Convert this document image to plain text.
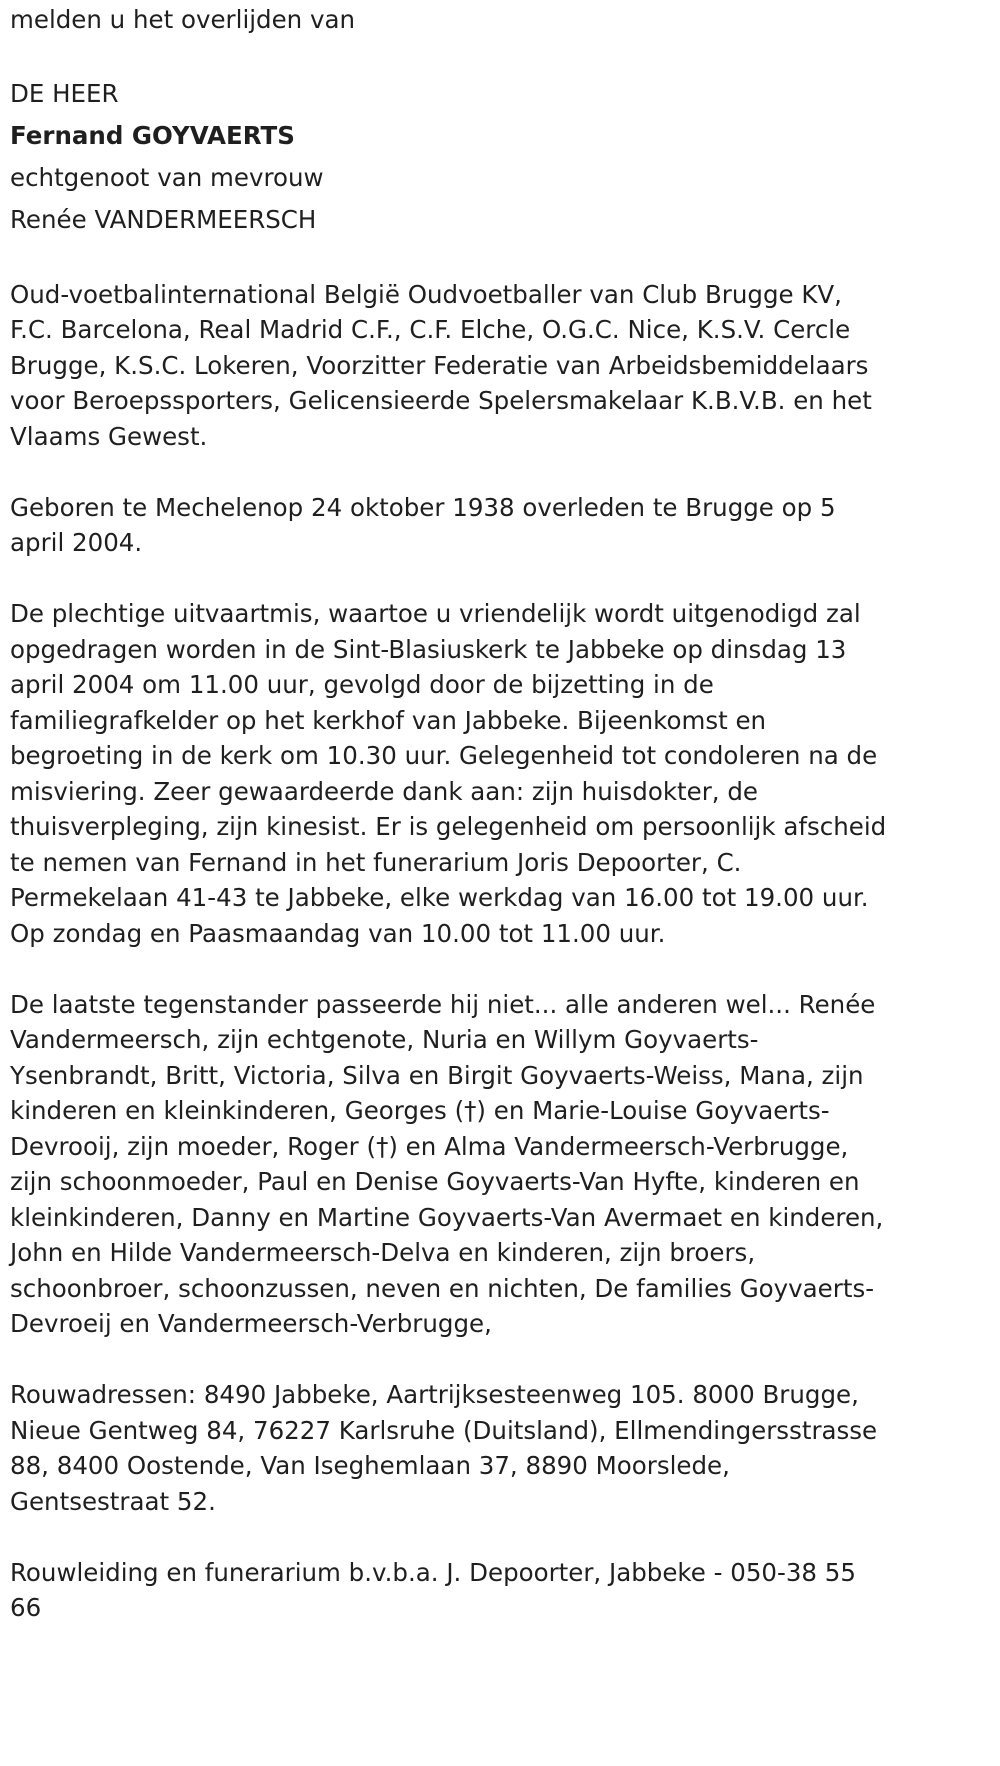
melden u het overlijden van

DE HEER

Fernand GOYVAERTS

echtgenoot van mevrouw

Renée VANDERMEERSCH

Oud-voetbalinternational België Oudvoetballer van Club Brugge KV, F.C. Barcelona, Real Madrid C.F., C.F. Elche, O.G.C. Nice, K.S.V. Cercle Brugge, K.S.C. Lokeren, Voorzitter Federatie van Arbeidsbemiddelaars voor Beroepssporters, Gelicensieerde Spelersmakelaar K.B.V.B. en het Vlaams Gewest.

Geboren te Mechelenop 24 oktober 1938 overleden te Brugge op 5 april 2004.

De plechtige uitvaartmis, waartoe u vriendelijk wordt uitgenodigd zal opgedragen worden in de Sint-Blasiuskerk te Jabbeke op dinsdag 13 april 2004 om 11.00 uur, gevolgd door de bijzetting in de familiegrafkelder op het kerkhof van Jabbeke. Bijeenkomst en begroeting in de kerk om 10.30 uur. Gelegenheid tot condoleren na de misviering. Zeer gewaardeerde dank aan: zijn huisdokter, de thuisverpleging, zijn kinesist. Er is gelegenheid om persoonlijk afscheid te nemen van Fernand in het funerarium Joris Depoorter, C. Permekelaan 41-43 te Jabbeke, elke werkdag van 16.00 tot 19.00 uur. Op zondag en Paasmaandag van 10.00 tot 11.00 uur.

De laatste tegenstander passeerde hij niet... alle anderen wel... Renée Vandermeersch, zijn echtgenote, Nuria en Willym Goyvaerts-Ysenbrandt, Britt, Victoria, Silva en Birgit Goyvaerts-Weiss, Mana, zijn kinderen en kleinkinderen, Georges (†) en Marie-Louise Goyvaerts-Devrooij, zijn moeder, Roger (†) en Alma Vandermeersch-Verbrugge, zijn schoonmoeder, Paul en Denise Goyvaerts-Van Hyfte, kinderen en kleinkinderen, Danny en Martine Goyvaerts-Van Avermaet en kinderen, John en Hilde Vandermeersch-Delva en kinderen, zijn broers, schoonbroer, schoonzussen, neven en nichten, De families Goyvaerts-Devroeij en Vandermeersch-Verbrugge,

Rouwadressen: 8490 Jabbeke, Aartrijksesteenweg 105. 8000 Brugge, Nieue Gentweg 84, 76227 Karlsruhe (Duitsland), Ellmendingersstrasse 88, 8400 Oostende, Van Iseghemlaan 37, 8890 Moorslede, Gentsestraat 52.

Rouwleiding en funerarium b.v.b.a. J. Depoorter, Jabbeke - 050-38 55 66
